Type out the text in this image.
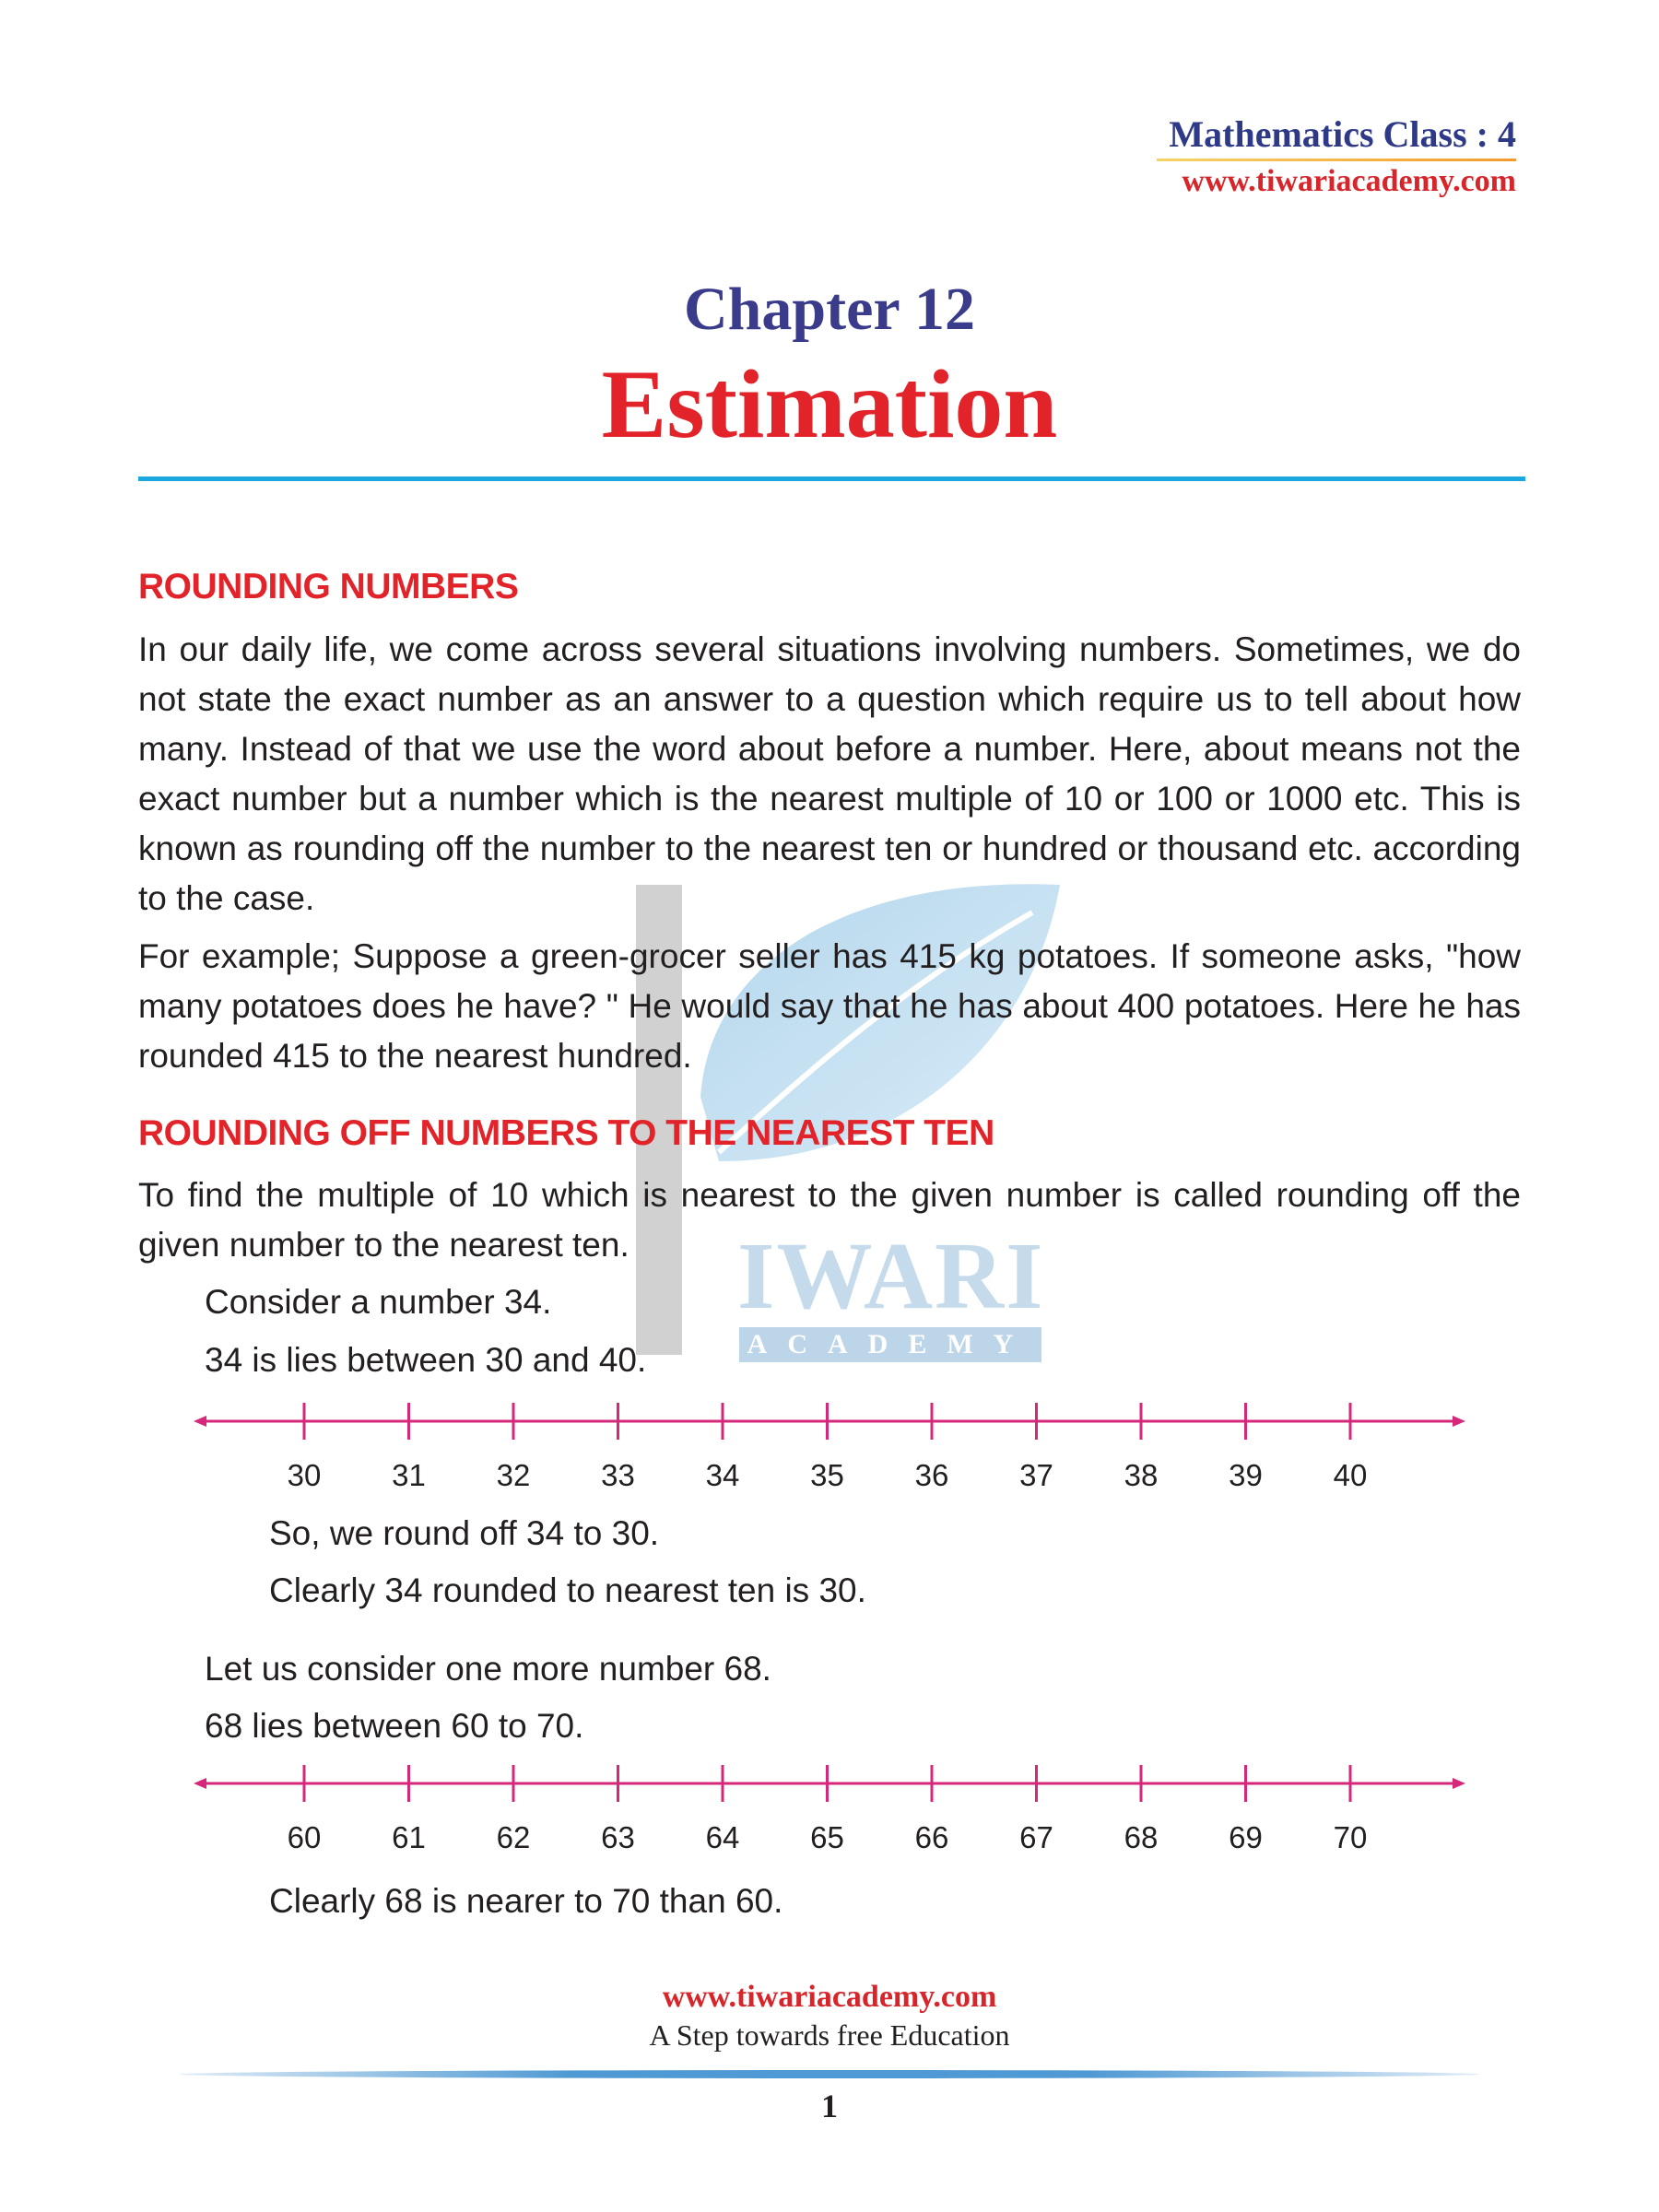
Mathematics Class : 4
www.tiwariacademy.com
Chapter 12
Estimation
IWARI
ACADEMY
ROUNDING NUMBERS
In our daily life, we come across several situations involving numbers. Sometimes, we do not state the exact number as an answer to a question which require us to tell about how many. Instead of that we use the word about before a number. Here, about means not the exact number but a number which is the nearest multiple of 10 or 100 or 1000 etc. This is known as rounding off the number to the nearest ten or hundred or thousand etc. according to the case.
For example; Suppose a green-grocer seller has 415 kg potatoes. If someone asks, "how many potatoes does he have? " He would say that he has about 400 potatoes. Here he has rounded 415 to the nearest hundred.
ROUNDING OFF NUMBERS TO THE NEAREST TEN
To find the multiple of 10 which is nearest to the given number is called rounding off the given number to the nearest ten.
Consider a number 34.
34 is lies between 30 and 40.
30	31	32	33	34	35	36	37	38	39	40
So, we round off 34 to 30.
Clearly 34 rounded to nearest ten is 30.
Let us consider one more number 68.
68 lies between 60 to 70.
60	61	62	63	64	65	66	67	68	69	70
Clearly 68 is nearer to 70 than 60.
www.tiwariacademy.com
A Step towards free Education
1
